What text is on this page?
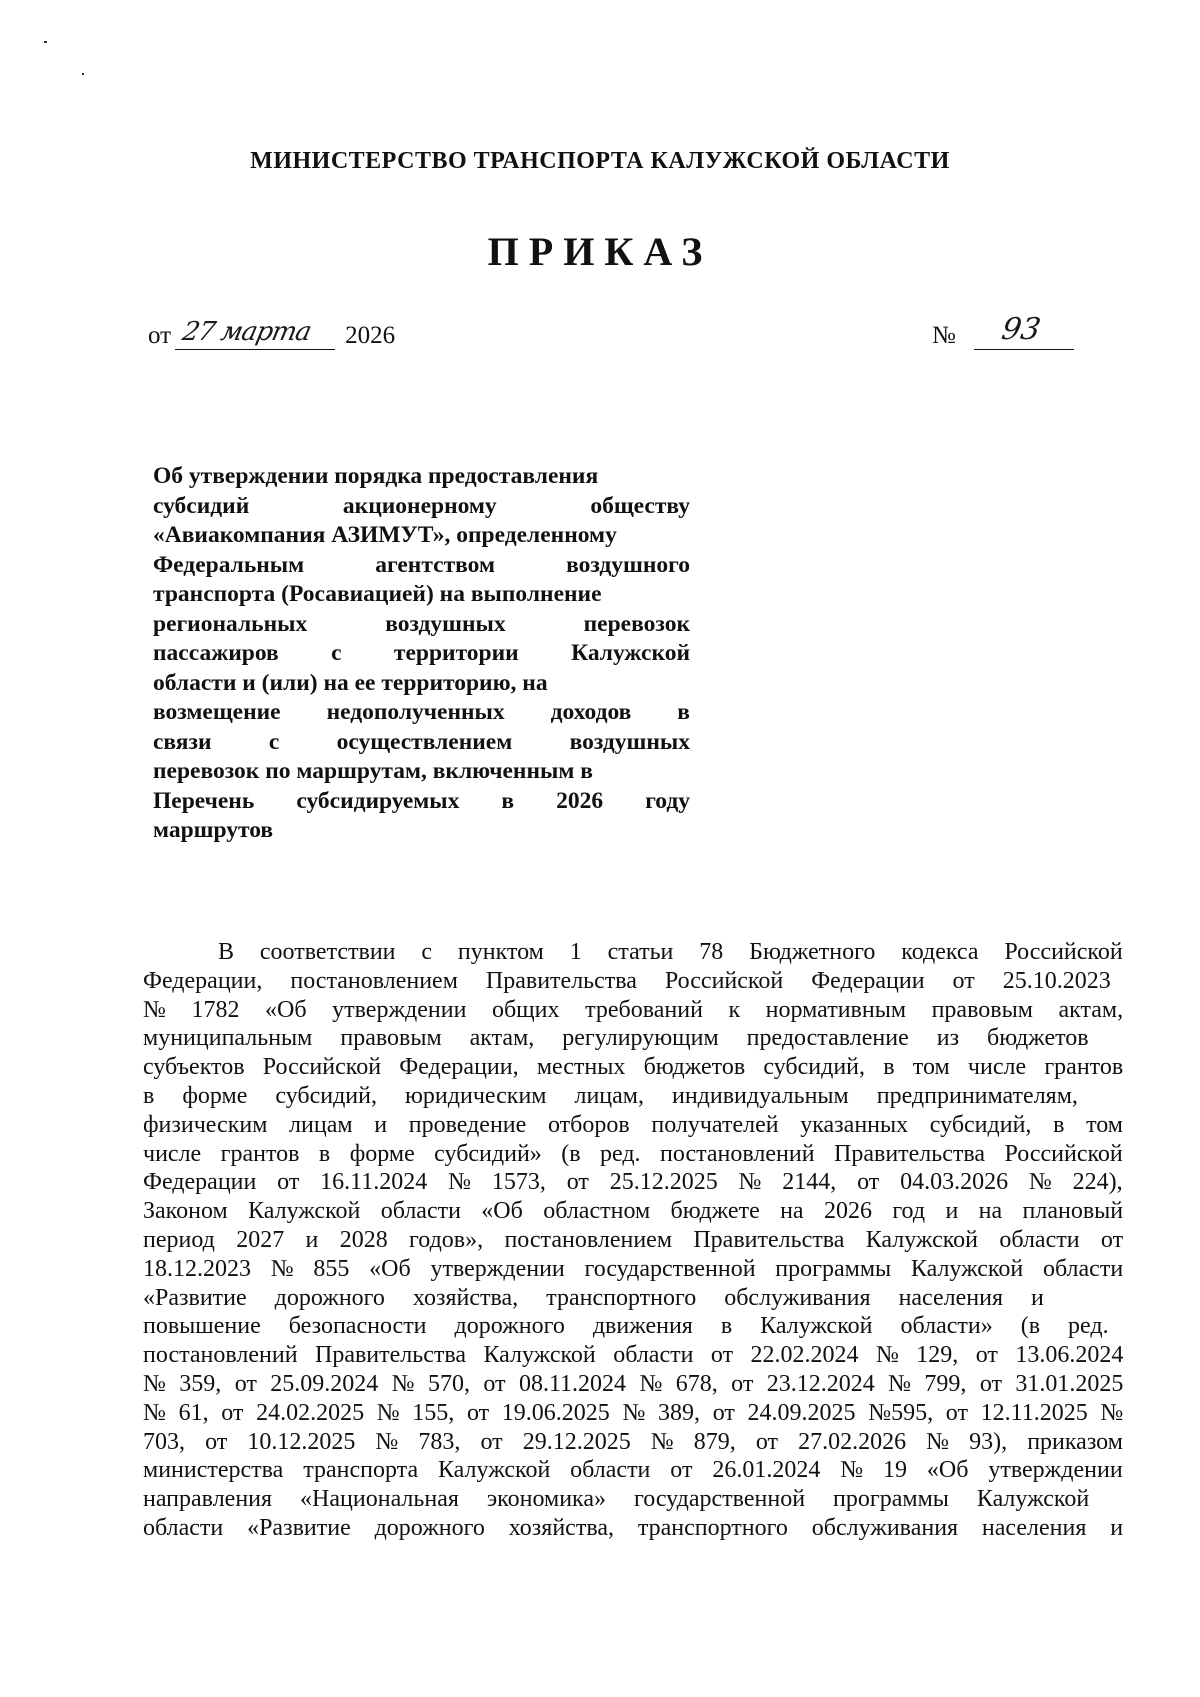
МИНИСТЕРСТВО ТРАНСПОРТА КАЛУЖСКОЙ ОБЛАСТИ
ПРИКАЗ
от 27 марта 2026	№ 93
Об утверждении порядка предоставления
субсидий	акционерному	обществу
«Авиакомпания АЗИМУТ», определенному
Федеральным	агентством	воздушного
транспорта (Росавиацией) на выполнение
региональных	воздушных	перевозок
пассажиров с территории Калужской
области и (или) на ее территорию, на
возмещение недополученных доходов в
связи с осуществлением воздушных
перевозок по маршрутам, включенным в
Перечень субсидируемых в 2026 году
маршрутов
В соответствии с пунктом 1 статьи 78 Бюджетного кодекса Российской
Федерации, постановлением Правительства Российской Федерации от 25.10.2023
№ 1782 «Об утверждении общих требований к нормативным правовым актам,
муниципальным правовым актам, регулирующим предоставление из бюджетов
субъектов Российской Федерации, местных бюджетов субсидий, в том числе грантов
в форме субсидий, юридическим лицам, индивидуальным предпринимателям,
физическим лицам и проведение отборов получателей указанных субсидий, в том
числе грантов в форме субсидий» (в ред. постановлений Правительства Российской
Федерации от 16.11.2024 № 1573, от 25.12.2025 № 2144, от 04.03.2026 № 224),
Законом Калужской области «Об областном бюджете на 2026 год и на плановый
период 2027 и 2028 годов», постановлением Правительства Калужской области от
18.12.2023 № 855 «Об утверждении государственной программы Калужской области
«Развитие дорожного хозяйства, транспортного обслуживания населения и
повышение безопасности дорожного движения в Калужской области» (в ред.
постановлений Правительства Калужской области от 22.02.2024 № 129, от 13.06.2024
№ 359, от 25.09.2024 № 570, от 08.11.2024 № 678, от 23.12.2024 № 799, от 31.01.2025
№ 61, от 24.02.2025 № 155, от 19.06.2025 № 389, от 24.09.2025 №595, от 12.11.2025 №
703, от 10.12.2025 № 783, от 29.12.2025 № 879, от 27.02.2026 № 93), приказом
министерства транспорта Калужской области от 26.01.2024 № 19 «Об утверждении
направления «Национальная экономика» государственной программы Калужской
области «Развитие дорожного хозяйства, транспортного обслуживания населения и
